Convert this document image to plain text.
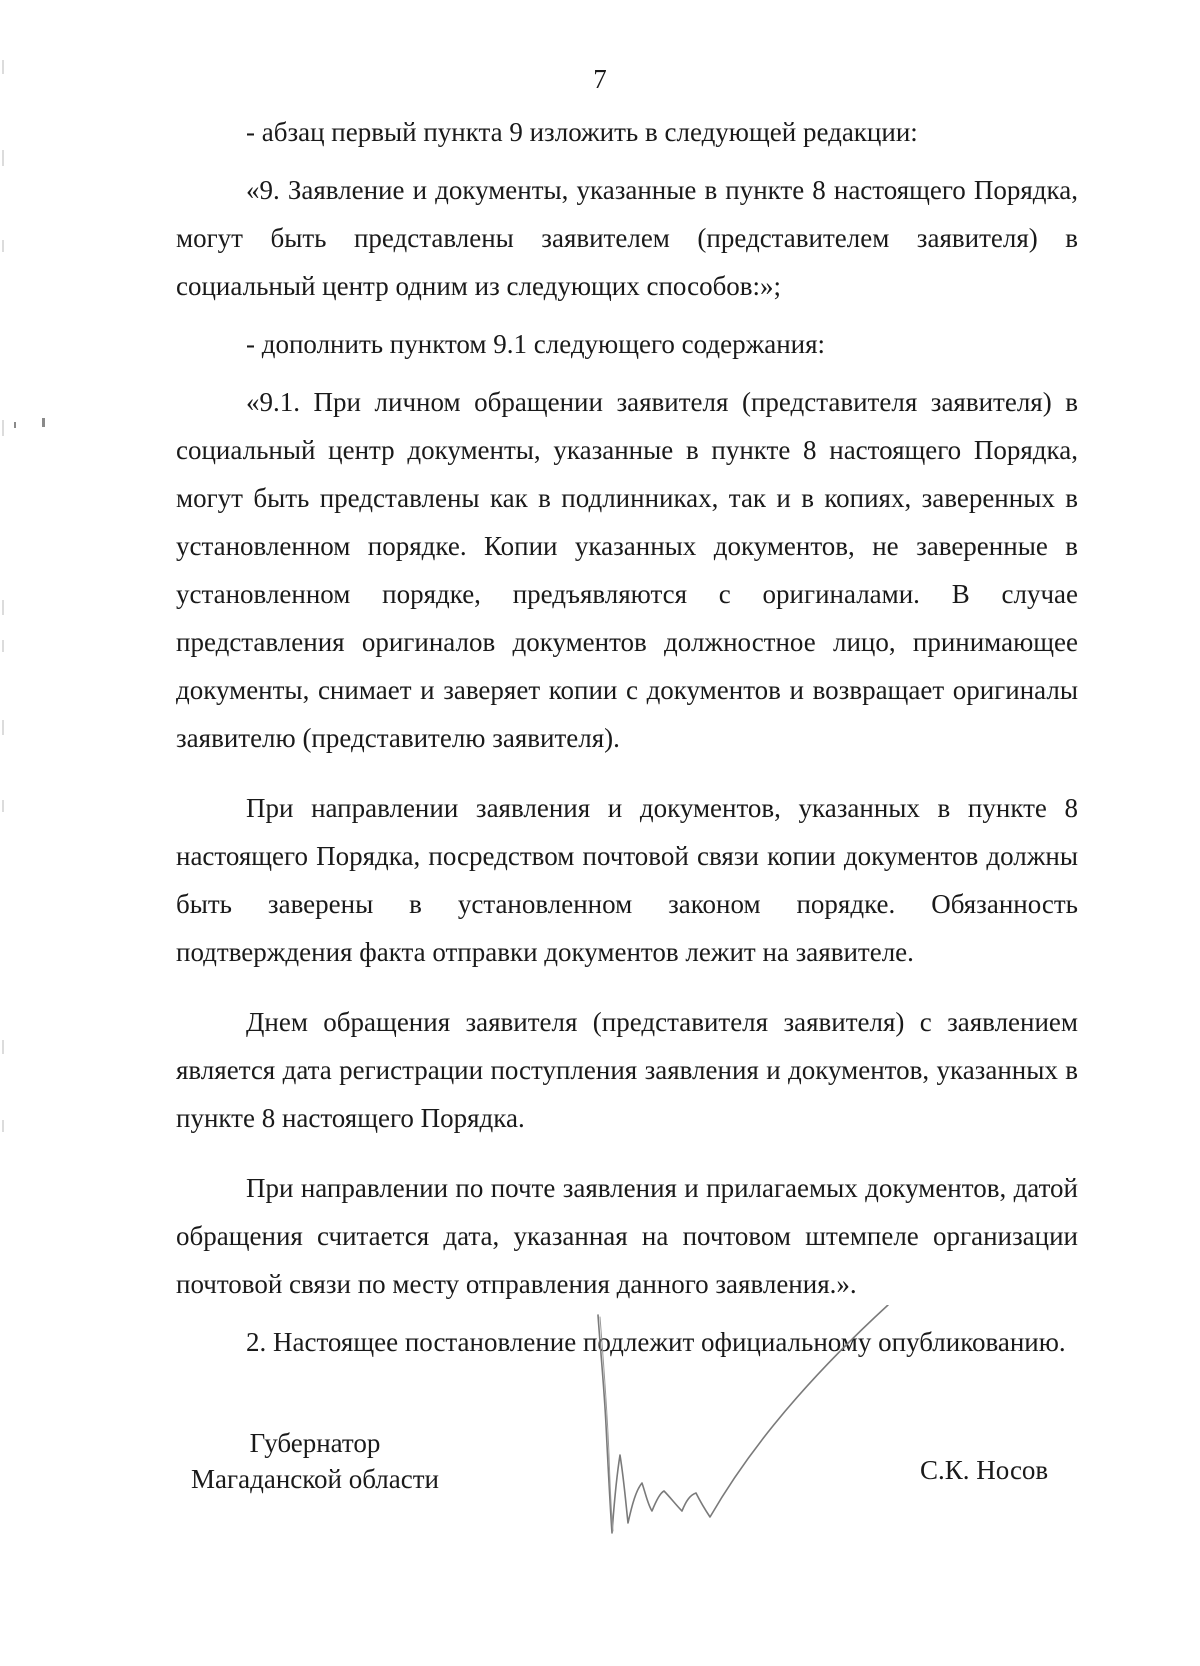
7

- абзац первый пункта 9 изложить в следующей редакции:

«9. Заявление и документы, указанные в пункте 8 настоящего Порядка, могут быть представлены заявителем (представителем заявителя) в социальный центр одним из следующих способов:»;

- дополнить пунктом 9.1 следующего содержания:

«9.1. При личном обращении заявителя (представителя заявителя) в социальный центр документы, указанные в пункте 8 настоящего Порядка, могут быть представлены как в подлинниках, так и в копиях, заверенных в установленном порядке. Копии указанных документов, не заверенные в установленном порядке, предъявляются с оригиналами. В случае представления оригиналов документов должностное лицо, принимающее документы, снимает и заверяет копии с документов и возвращает оригиналы заявителю (представителю заявителя).

При направлении заявления и документов, указанных в пункте 8 настоящего Порядка, посредством почтовой связи копии документов должны быть заверены в установленном законом порядке. Обязанность подтверждения факта отправки документов лежит на заявителе.

Днем обращения заявителя (представителя заявителя) с заявлением является дата регистрации поступления заявления и документов, указанных в пункте 8 настоящего Порядка.

При направлении по почте заявления и прилагаемых документов, датой обращения считается дата, указанная на почтовом штемпеле организации почтовой связи по месту отправления данного заявления.».

2. Настоящее постановление подлежит официальному опубликованию.

Губернатор
Магаданской области	С.К. Носов
